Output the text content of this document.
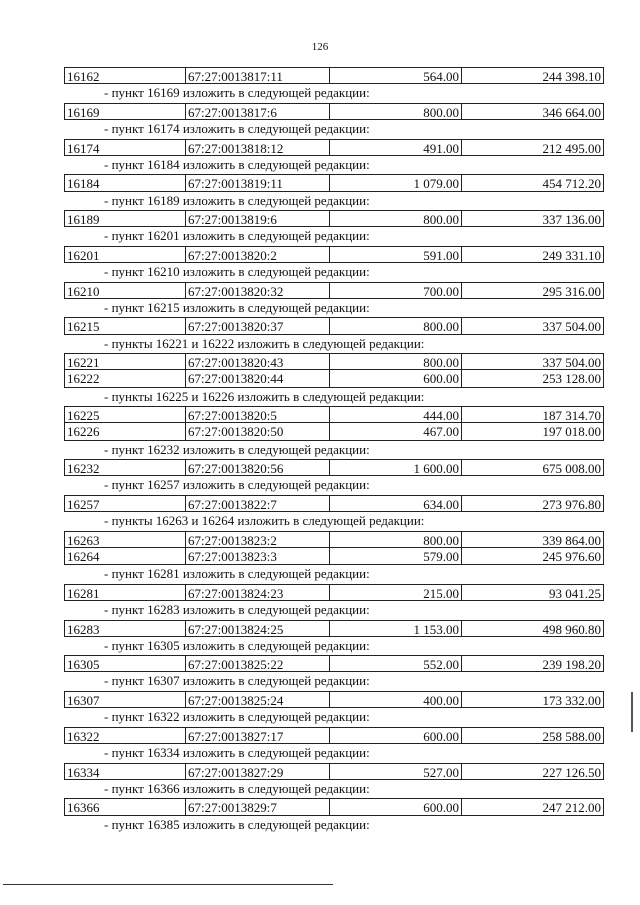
126
16162	67:27:0013817:11	564.00	244 398.10
- пункт 16169 изложить в следующей редакции:
16169	67:27:0013817:6	800.00	346 664.00
- пункт 16174 изложить в следующей редакции:
16174	67:27:0013818:12	491.00	212 495.00
- пункт 16184 изложить в следующей редакции:
16184	67:27:0013819:11	1 079.00	454 712.20
- пункт 16189 изложить в следующей редакции:
16189	67:27:0013819:6	800.00	337 136.00
- пункт 16201 изложить в следующей редакции:
16201	67:27:0013820:2	591.00	249 331.10
- пункт 16210 изложить в следующей редакции:
16210	67:27:0013820:32	700.00	295 316.00
- пункт 16215 изложить в следующей редакции:
16215	67:27:0013820:37	800.00	337 504.00
- пункты 16221 и 16222 изложить в следующей редакции:
16221	67:27:0013820:43	800.00	337 504.00
16222	67:27:0013820:44	600.00	253 128.00
- пункты 16225 и 16226 изложить в следующей редакции:
16225	67:27:0013820:5	444.00	187 314.70
16226	67:27:0013820:50	467.00	197 018.00
- пункт 16232 изложить в следующей редакции:
16232	67:27:0013820:56	1 600.00	675 008.00
- пункт 16257 изложить в следующей редакции:
16257	67:27:0013822:7	634.00	273 976.80
- пункты 16263 и 16264 изложить в следующей редакции:
16263	67:27:0013823:2	800.00	339 864.00
16264	67:27:0013823:3	579.00	245 976.60
- пункт 16281 изложить в следующей редакции:
16281	67:27:0013824:23	215.00	93 041.25
- пункт 16283 изложить в следующей редакции:
16283	67:27:0013824:25	1 153.00	498 960.80
- пункт 16305 изложить в следующей редакции:
16305	67:27:0013825:22	552.00	239 198.20
- пункт 16307 изложить в следующей редакции:
16307	67:27:0013825:24	400.00	173 332.00
- пункт 16322 изложить в следующей редакции:
16322	67:27:0013827:17	600.00	258 588.00
- пункт 16334 изложить в следующей редакции:
16334	67:27:0013827:29	527.00	227 126.50
- пункт 16366 изложить в следующей редакции:
16366	67:27:0013829:7	600.00	247 212.00
- пункт 16385 изложить в следующей редакции:
